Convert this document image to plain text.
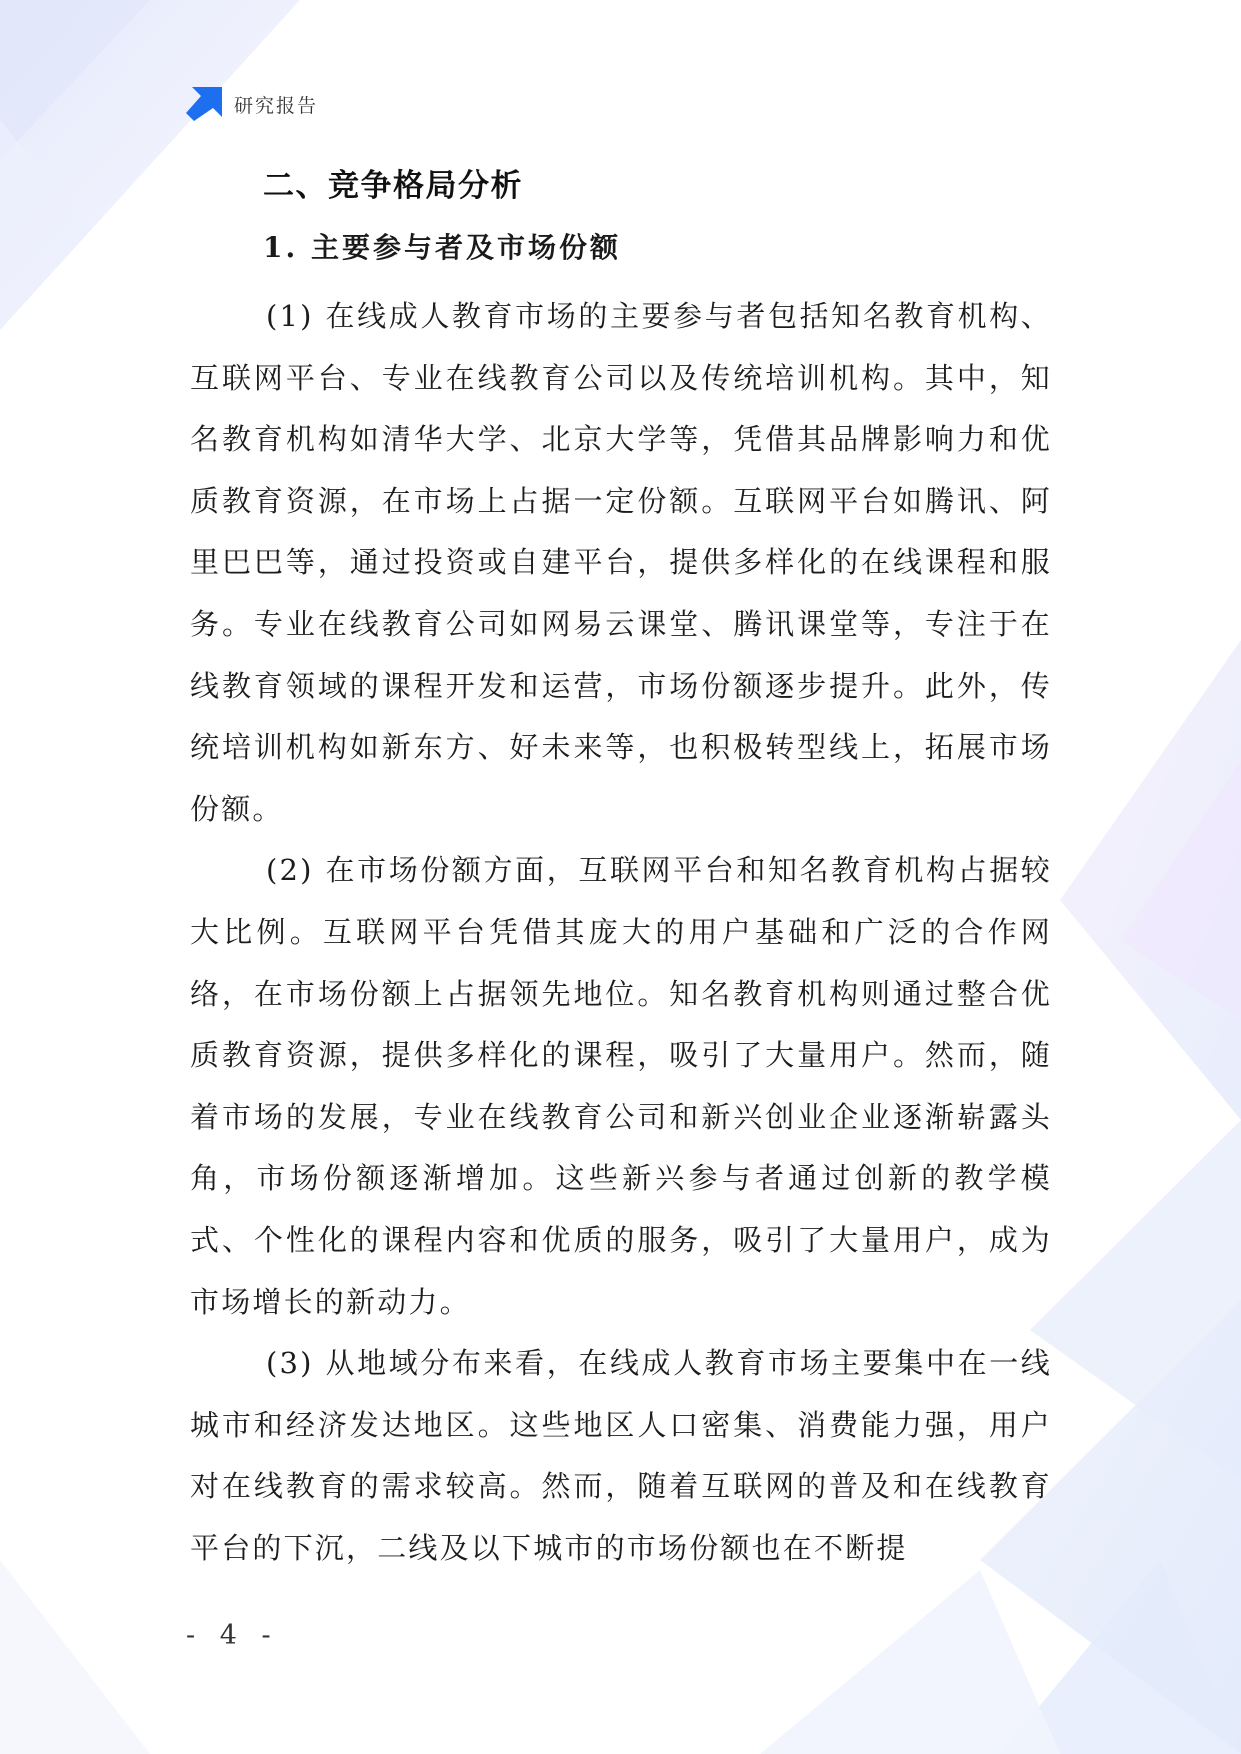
研究报告
二、竞争格局分析
1. 主要参与者及市场份额

(1) 在线成人教育市场的主要参与者包括知名教育机构、互联网平台、专业在线教育公司以及传统培训机构。其中，知名教育机构如清华大学、北京大学等，凭借其品牌影响力和优质教育资源，在市场上占据一定份额。互联网平台如腾讯、阿里巴巴等，通过投资或自建平台，提供多样化的在线课程和服务。专业在线教育公司如网易云课堂、腾讯课堂等，专注于在线教育领域的课程开发和运营，市场份额逐步提升。此外，传统培训机构如新东方、好未来等，也积极转型线上，拓展市场份额。

(2) 在市场份额方面，互联网平台和知名教育机构占据较大比例。互联网平台凭借其庞大的用户基础和广泛的合作网络，在市场份额上占据领先地位。知名教育机构则通过整合优质教育资源，提供多样化的课程，吸引了大量用户。然而，随着市场的发展，专业在线教育公司和新兴创业企业逐渐崭露头角，市场份额逐渐增加。这些新兴参与者通过创新的教学模式、个性化的课程内容和优质的服务，吸引了大量用户，成为市场增长的新动力。

(3) 从地域分布来看，在线成人教育市场主要集中在一线城市和经济发达地区。这些地区人口密集、消费能力强，用户对在线教育的需求较高。然而，随着互联网的普及和在线教育平台的下沉，二线及以下城市的市场份额也在不断提

- 4 -
